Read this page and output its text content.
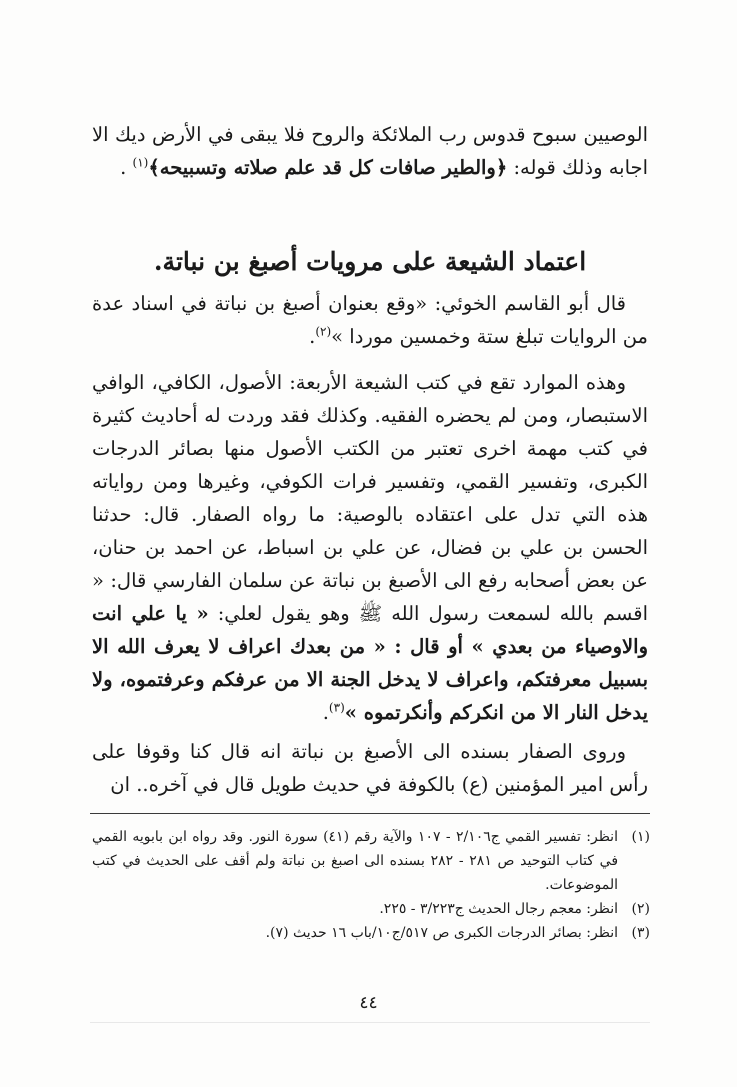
الوصيين سبوح قدوس رب الملائكة والروح فلا يبقى في الأرض ديك الا اجابه وذلك قوله: ﴿والطير صافات كل قد علم صلاته وتسبيحه﴾$^{(١)}$ .

اعتماد الشيعة على مرويات أصبغ بن نباتة.

قال أبو القاسم الخوئي: «وقع بعنوان أصبغ بن نباتة في اسناد عدة من الروايات تبلغ ستة وخمسين موردا »$^{(٢)}$.

وهذه الموارد تقع في كتب الشيعة الأربعة: الأصول، الكافي، الوافي الاستبصار، ومن لم يحضره الفقيه. وكذلك فقد وردت له أحاديث كثيرة في كتب مهمة اخرى تعتبر من الكتب الأصول منها بصائر الدرجات الكبرى، وتفسير القمي، وتفسير فرات الكوفي، وغيرها ومن رواياته هذه التي تدل على اعتقاده بالوصية: ما رواه الصفار. قال: حدثنا الحسن بن علي بن فضال، عن علي بن اسباط، عن احمد بن حنان، عن بعض أصحابه رفع الى الأصبغ بن نباتة عن سلمان الفارسي قال: « اقسم بالله لسمعت رسول الله ﷺ وهو يقول لعلي: « يا علي انت والاوصياء من بعدي » أو قال : « من بعدك اعراف لا يعرف الله الا بسبيل معرفتكم، واعراف لا يدخل الجنة الا من عرفكم وعرفتموه، ولا يدخل النار الا من انكركم وأنكرتموه »$^{(٣)}$.

وروى الصفار بسنده الى الأصبغ بن نباتة انه قال كنا وقوفا على رأس امير المؤمنين (ع) بالكوفة في حديث طويل قال في آخره.. ان

(١)
انظر: تفسير القمي ج٢/١٠٦ - ١٠٧ والآية رقم (٤١) سورة النور. وقد رواه ابن بابويه القمي في كتاب التوحيد ص ٢٨١ - ٢٨٢ بسنده الى اصبغ بن نباتة ولم أقف على الحديث في كتب الموضوعات.
(٢)
انظر: معجم رجال الحديث ج٣/٢٢٣ - ٢٢٥.
(٣)
انظر: بصائر الدرجات الكبرى ص ٥١٧/ج١٠/باب ١٦ حديث (٧).
٤٤
